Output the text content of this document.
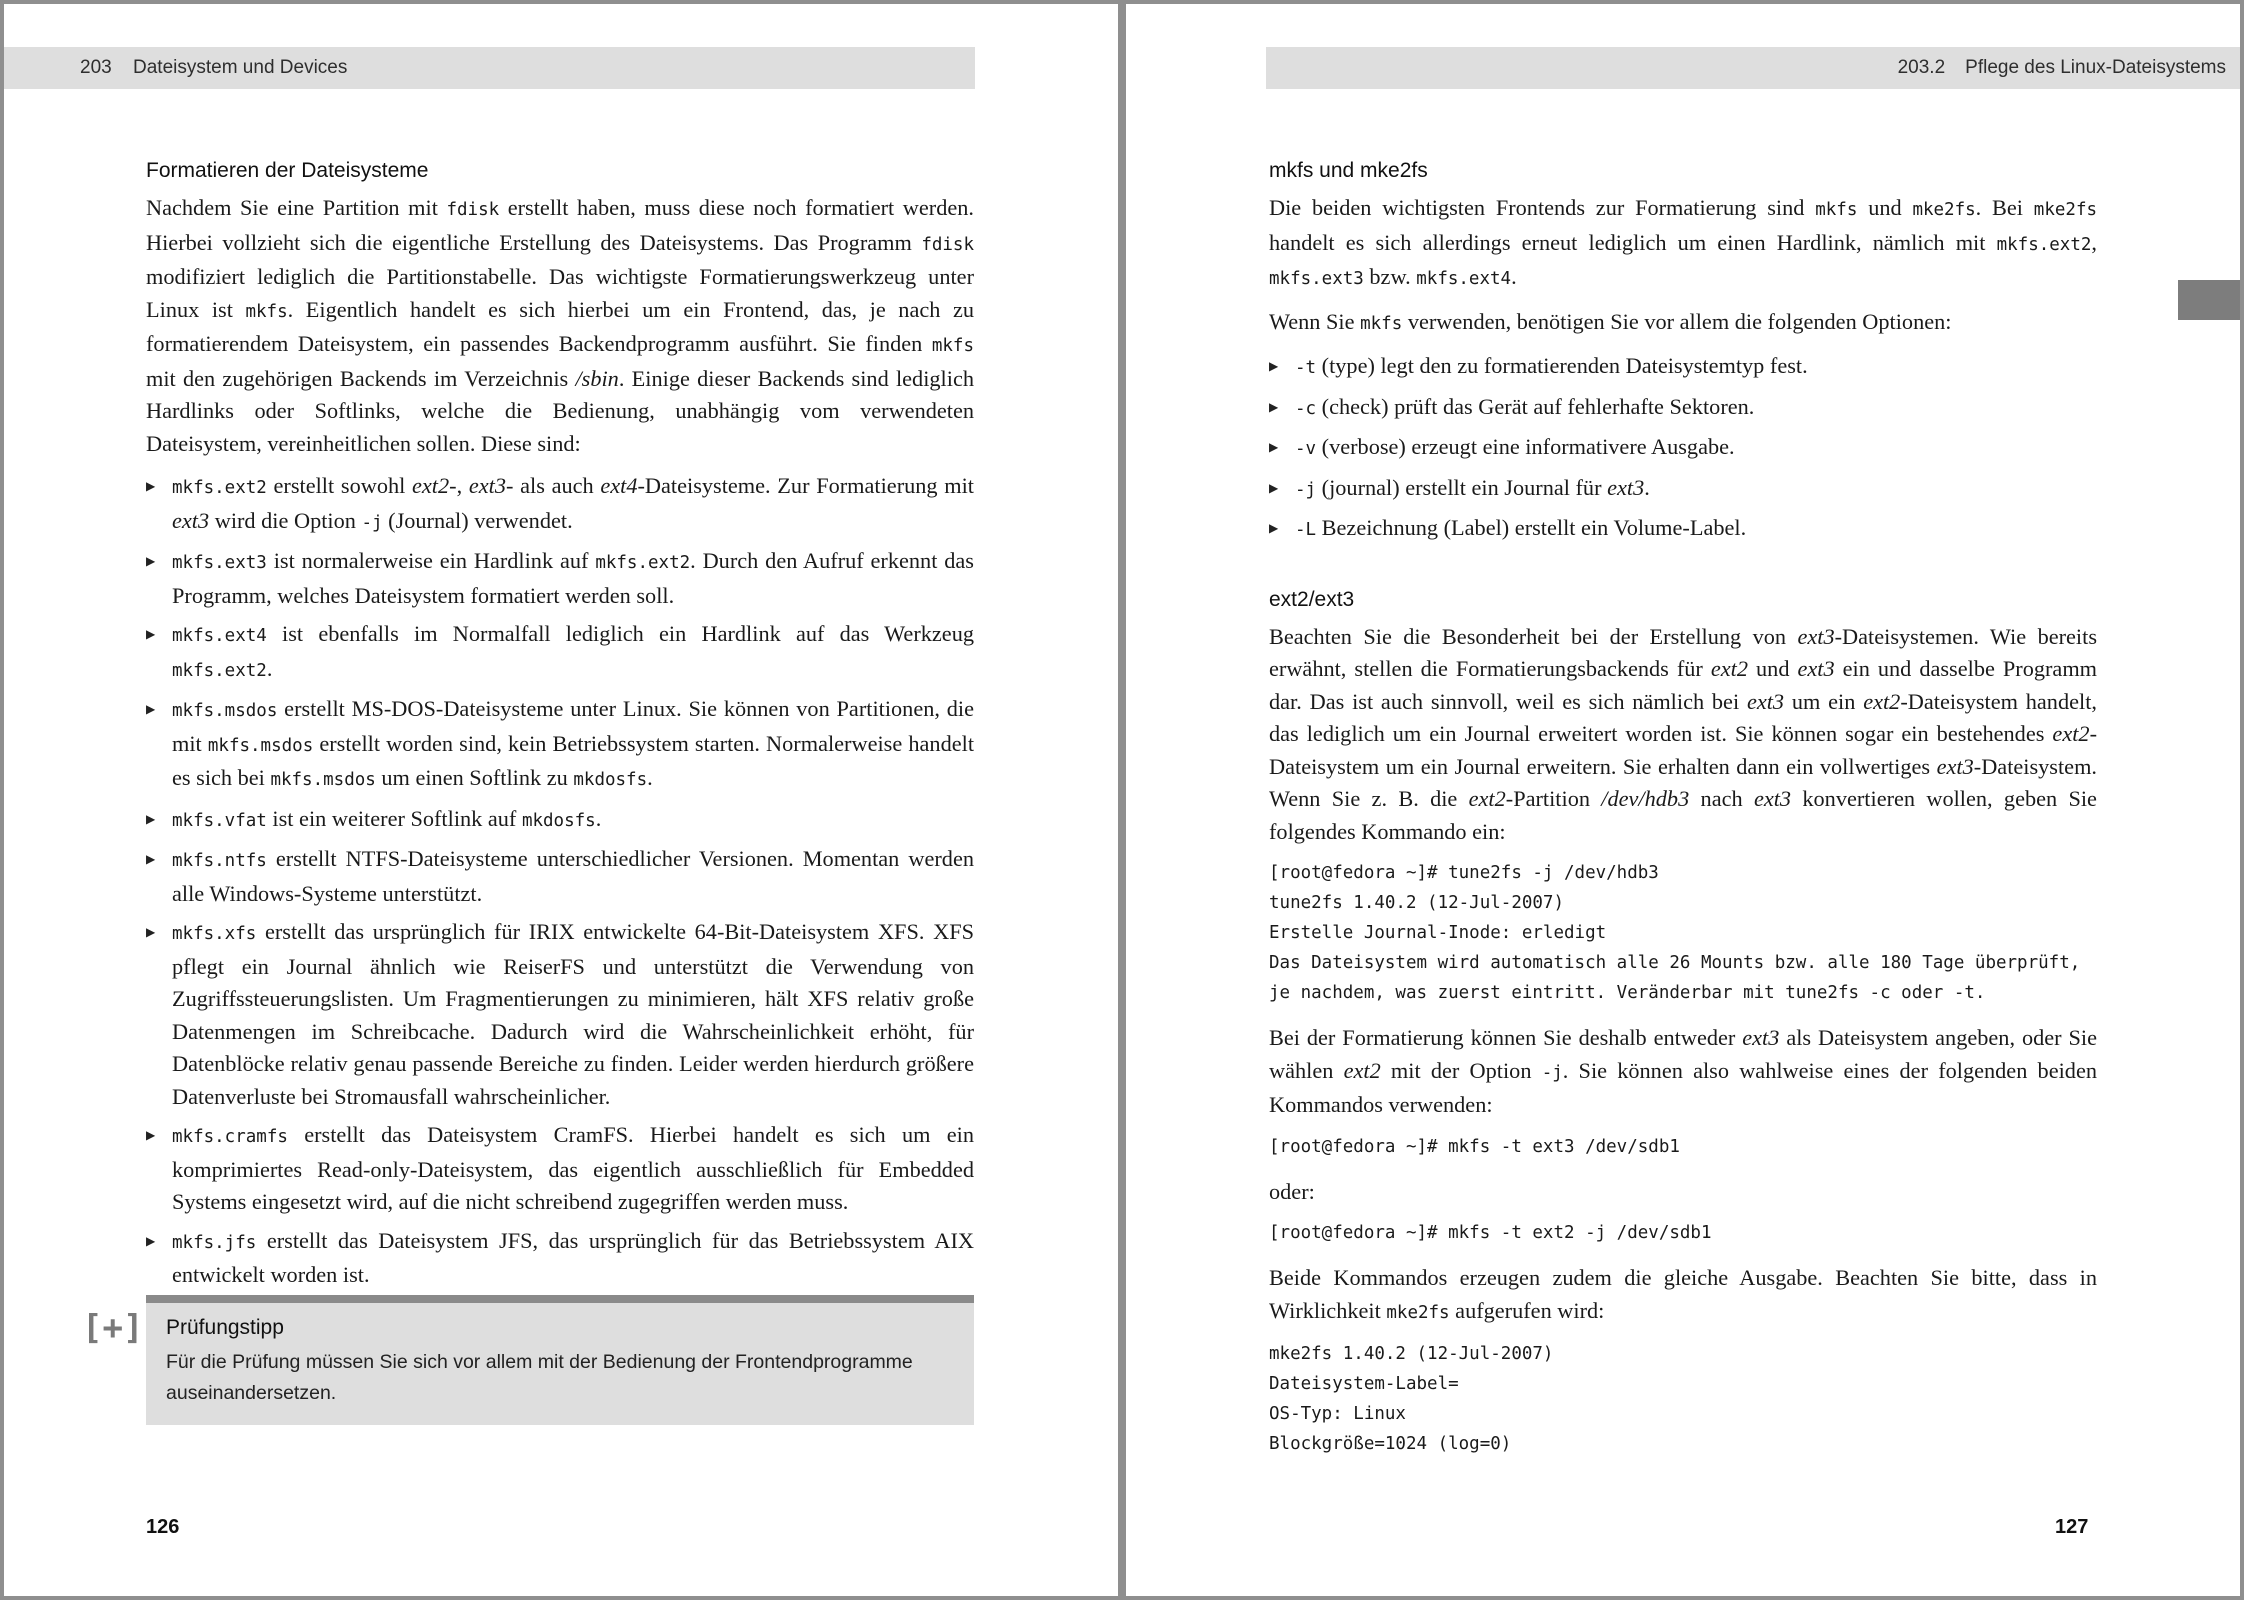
203 Dateisystem und Devices
Formatieren der Dateisysteme

Nachdem Sie eine Partition mit fdisk erstellt haben, muss diese noch formatiert werden. Hierbei vollzieht sich die eigentliche Erstellung des Dateisystems. Das Programm fdisk modifiziert lediglich die Partitionstabelle. Das wichtigste Formatierungswerkzeug unter Linux ist mkfs. Eigentlich handelt es sich hierbei um ein Frontend, das, je nach zu formatierendem Dateisystem, ein passendes Backendprogramm ausführt. Sie finden mkfs mit den zugehörigen Backends im Verzeichnis /sbin. Einige dieser Backends sind lediglich Hardlinks oder Softlinks, welche die Bedienung, unabhängig vom verwendeten Dateisystem, vereinheitlichen sollen. Diese sind:

▶ mkfs.ext2 erstellt sowohl ext2-, ext3- als auch ext4-Dateisysteme. Zur Formatierung mit ext3 wird die Option -j (Journal) verwendet.
▶ mkfs.ext3 ist normalerweise ein Hardlink auf mkfs.ext2. Durch den Aufruf erkennt das Programm, welches Dateisystem formatiert werden soll.
▶ mkfs.ext4 ist ebenfalls im Normalfall lediglich ein Hardlink auf das Werkzeug mkfs.ext2.
▶ mkfs.msdos erstellt MS-DOS-Dateisysteme unter Linux. Sie können von Partitionen, die mit mkfs.msdos erstellt worden sind, kein Betriebssystem starten. Normalerweise handelt es sich bei mkfs.msdos um einen Softlink zu mkdosfs.
▶ mkfs.vfat ist ein weiterer Softlink auf mkdosfs.
▶ mkfs.ntfs erstellt NTFS-Dateisysteme unterschiedlicher Versionen. Momentan werden alle Windows-Systeme unterstützt.
▶ mkfs.xfs erstellt das ursprünglich für IRIX entwickelte 64-Bit-Dateisystem XFS. XFS pflegt ein Journal ähnlich wie ReiserFS und unterstützt die Verwendung von Zugriffssteuerungslisten. Um Fragmentierungen zu minimieren, hält XFS relativ große Datenmengen im Schreibcache. Dadurch wird die Wahrscheinlichkeit erhöht, für Datenblöcke relativ genau passende Bereiche zu finden. Leider werden hierdurch größere Datenverluste bei Stromausfall wahrscheinlicher.
▶ mkfs.cramfs erstellt das Dateisystem CramFS. Hierbei handelt es sich um ein komprimiertes Read-only-Dateisystem, das eigentlich ausschließlich für Embedded Systems eingesetzt wird, auf die nicht schreibend zugegriffen werden muss.
▶ mkfs.jfs erstellt das Dateisystem JFS, das ursprünglich für das Betriebssystem AIX entwickelt worden ist.
[+] Prüfungstipp
Für die Prüfung müssen Sie sich vor allem mit der Bedienung der Frontendprogramme auseinandersetzen.
126
203.2 Pflege des Linux-Dateisystems
mkfs und mke2fs

Die beiden wichtigsten Frontends zur Formatierung sind mkfs und mke2fs. Bei mke2fs handelt es sich allerdings erneut lediglich um einen Hardlink, nämlich mit mkfs.ext2, mkfs.ext3 bzw. mkfs.ext4.

Wenn Sie mkfs verwenden, benötigen Sie vor allem die folgenden Optionen:

▶ -t (type) legt den zu formatierenden Dateisystemtyp fest.
▶ -c (check) prüft das Gerät auf fehlerhafte Sektoren.
▶ -v (verbose) erzeugt eine informativere Ausgabe.
▶ -j (journal) erstellt ein Journal für ext3.
▶ -L Bezeichnung (Label) erstellt ein Volume-Label.
ext2/ext3

Beachten Sie die Besonderheit bei der Erstellung von ext3-Dateisystemen. Wie bereits erwähnt, stellen die Formatierungsbackends für ext2 und ext3 ein und dasselbe Programm dar. Das ist auch sinnvoll, weil es sich nämlich bei ext3 um ein ext2-Dateisystem handelt, das lediglich um ein Journal erweitert worden ist. Sie können sogar ein bestehendes ext2-Dateisystem um ein Journal erweitern. Sie erhalten dann ein vollwertiges ext3-Dateisystem. Wenn Sie z. B. die ext2-Partition /dev/hdb3 nach ext3 konvertieren wollen, geben Sie folgendes Kommando ein:

[root@fedora ~]# tune2fs -j /dev/hdb3
tune2fs 1.40.2 (12-Jul-2007)
Erstelle Journal-Inode: erledigt
Das Dateisystem wird automatisch alle 26 Mounts bzw. alle 180 Tage überprüft,
je nachdem, was zuerst eintritt. Veränderbar mit tune2fs -c oder -t.

Bei der Formatierung können Sie deshalb entweder ext3 als Dateisystem angeben, oder Sie wählen ext2 mit der Option -j. Sie können also wahlweise eines der folgenden beiden Kommandos verwenden:

[root@fedora ~]# mkfs -t ext3 /dev/sdb1

oder:

[root@fedora ~]# mkfs -t ext2 -j /dev/sdb1

Beide Kommandos erzeugen zudem die gleiche Ausgabe. Beachten Sie bitte, dass in Wirklichkeit mke2fs aufgerufen wird:

mke2fs 1.40.2 (12-Jul-2007)
Dateisystem-Label=
OS-Typ: Linux
Blockgröße=1024 (log=0)
127
